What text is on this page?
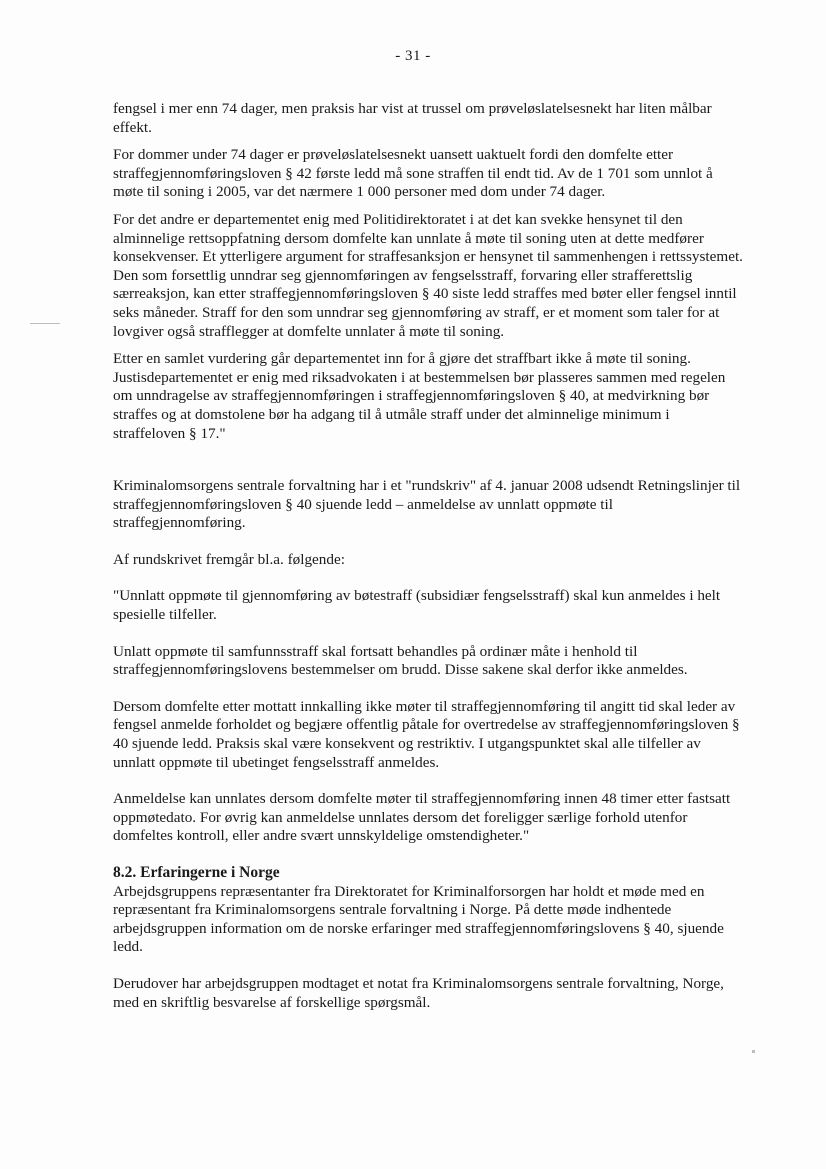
- 31 -

fengsel i mer enn 74 dager, men praksis har vist at trussel om prøveløslatelsesnekt har liten målbar effekt.

For dommer under 74 dager er prøveløslatelsesnekt uansett uaktuelt fordi den domfelte etter straffegjennomføringsloven § 42 første ledd må sone straffen til endt tid. Av de 1 701 som unnlot å møte til soning i 2005, var det nærmere 1 000 personer med dom under 74 dager.

For det andre er departementet enig med Politidirektoratet i at det kan svekke hensynet til den alminnelige rettsoppfatning dersom domfelte kan unnlate å møte til soning uten at dette medfører konsekvenser. Et ytterligere argument for straffesanksjon er hensynet til sammenhengen i rettssystemet. Den som forsettlig unndrar seg gjennomføringen av fengselsstraff, forvaring eller strafferettslig særreaksjon, kan etter straffegjennomføringsloven § 40 siste ledd straffes med bøter eller fengsel inntil seks måneder. Straff for den som unndrar seg gjennomføring av straff, er et moment som taler for at lovgiver også strafflegger at domfelte unnlater å møte til soning.

Etter en samlet vurdering går departementet inn for å gjøre det straffbart ikke å møte til soning. Justisdepartementet er enig med riksadvokaten i at bestemmelsen bør plasseres sammen med regelen om unndragelse av straffegjennomføringen i straffegjennomføringsloven § 40, at medvirkning bør straffes og at domstolene bør ha adgang til å utmåle straff under det alminnelige minimum i straffeloven § 17."

Kriminalomsorgens sentrale forvaltning har i et "rundskriv" af 4. januar 2008 udsendt Retningslinjer til straffegjennomføringsloven § 40 sjuende ledd – anmeldelse av unnlatt oppmøte til straffegjennomføring.

Af rundskrivet fremgår bl.a. følgende:

"Unnlatt oppmøte til gjennomføring av bøtestraff (subsidiær fengselsstraff) skal kun anmeldes i helt spesielle tilfeller.

Unlatt oppmøte til samfunnsstraff skal fortsatt behandles på ordinær måte i henhold til straffegjennomføringslovens bestemmelser om brudd. Disse sakene skal derfor ikke anmeldes.

Dersom domfelte etter mottatt innkalling ikke møter til straffegjennomføring til angitt tid skal leder av fengsel anmelde forholdet og begjære offentlig påtale for overtredelse av straffegjennomføringsloven § 40 sjuende ledd. Praksis skal være konsekvent og restriktiv. I utgangspunktet skal alle tilfeller av unnlatt oppmøte til ubetinget fengselsstraff anmeldes.

Anmeldelse kan unnlates dersom domfelte møter til straffegjennomføring innen 48 timer etter fastsatt oppmøtedato. For øvrig kan anmeldelse unnlates dersom det foreligger særlige forhold utenfor domfeltes kontroll, eller andre svært unnskyldelige omstendigheter."

8.2. Erfaringerne i Norge

Arbejdsgruppens repræsentanter fra Direktoratet for Kriminalforsorgen har holdt et møde med en repræsentant fra Kriminalomsorgens sentrale forvaltning i Norge. På dette møde indhentede arbejdsgruppen information om de norske erfaringer med straffegjennomføringslovens § 40, sjuende ledd.

Derudover har arbejdsgruppen modtaget et notat fra Kriminalomsorgens sentrale forvaltning, Norge, med en skriftlig besvarelse af forskellige spørgsmål.
